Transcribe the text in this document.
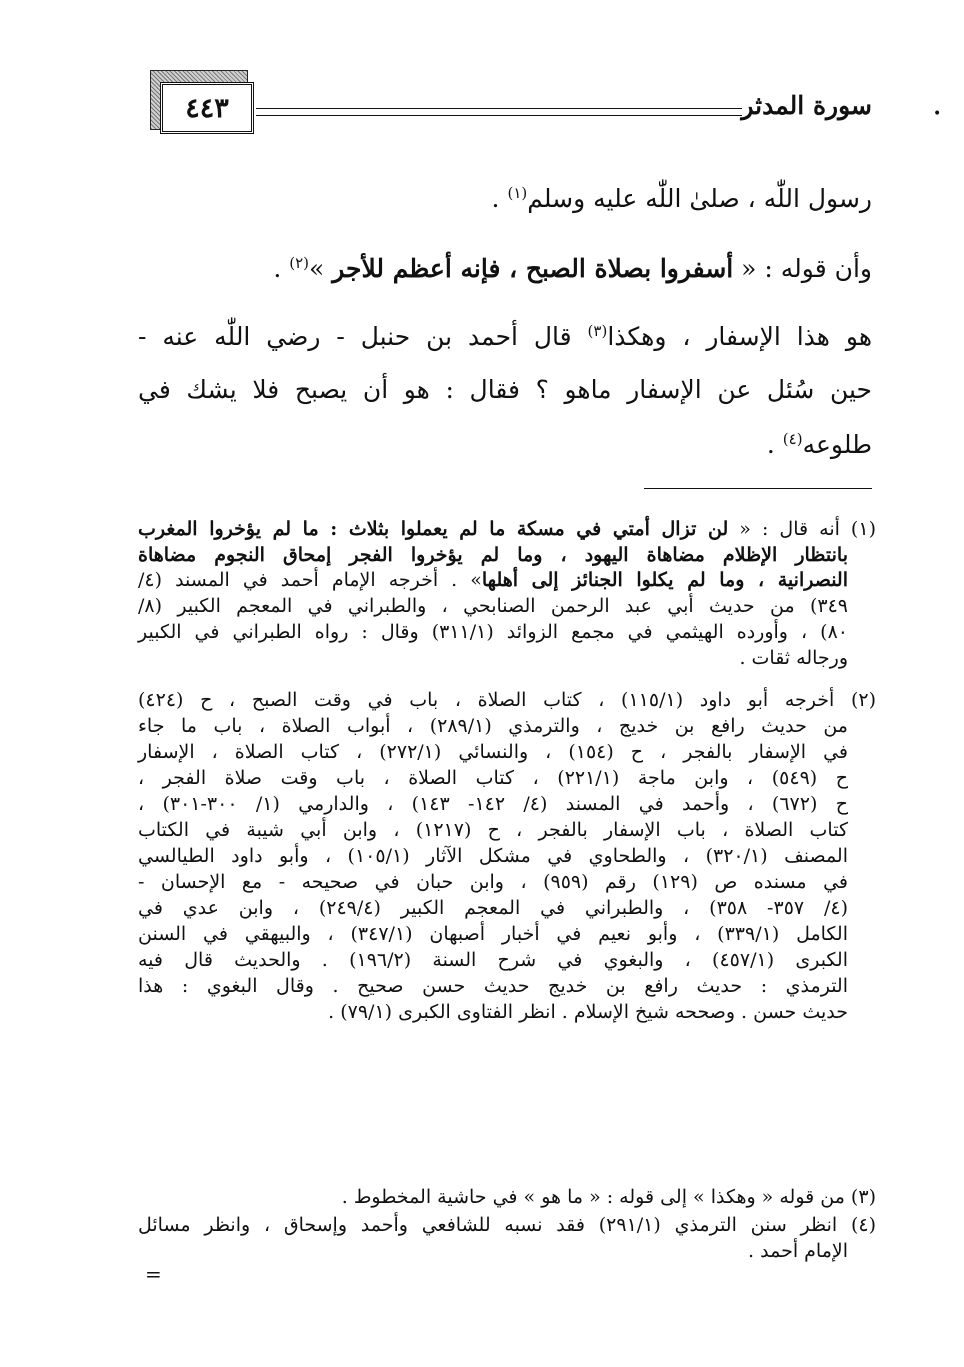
٤٤٣	سورة المدثر	•
رسول اللّٰه ، صلىٰ اللّٰه عليه وسلم$^{(١)}$ .
وأن قوله : « أسفروا بصلاة الصبح ، فإنه أعظم للأجر »$^{(٢)}$ .
هو هذا الإسفار ، وهكذا$^{(٣)}$ قال أحمد بن حنبل - رضي اللّٰه عنه -
حين سُئل عن الإسفار ماهو ؟ فقال : هو أن يصبح فلا يشك في
طلوعه$^{(٤)}$ .
(١) أنه قال : « لن تزال أمتي في مسكة ما لم يعملوا بثلاث : ما لم يؤخروا المغرب
بانتظار الإظلام مضاهاة اليهود ، وما لم يؤخروا الفجر إمحاق النجوم مضاهاة
النصرانية ، وما لم يكلوا الجنائز إلى أهلها» . أخرجه الإمام أحمد في المسند (٤/
٣٤٩) من حديث أبي عبد الرحمن الصنابحي ، والطبراني في المعجم الكبير (٨/
٨٠) ، وأورده الهيثمي في مجمع الزوائد (٣١١/١) وقال : رواه الطبراني في الكبير
ورجاله ثقات .
(٢) أخرجه أبو داود (١١٥/١) ، كتاب الصلاة ، باب في وقت الصبح ، ح (٤٢٤)
من حديث رافع بن خديج ، والترمذي (٢٨٩/١) ، أبواب الصلاة ، باب ما جاء
في الإسفار بالفجر ، ح (١٥٤) ، والنسائي (٢٧٢/١) ، كتاب الصلاة ، الإسفار
ح (٥٤٩) ، وابن ماجة (٢٢١/١) ، كتاب الصلاة ، باب وقت صلاة الفجر ،
ح (٦٧٢) ، وأحمد في المسند (٤/ ١٤٢- ١٤٣) ، والدارمي (١/ ٣٠٠-٣٠١) ،
كتاب الصلاة ، باب الإسفار بالفجر ، ح (١٢١٧) ، وابن أبي شيبة في الكتاب
المصنف (٣٢٠/١) ، والطحاوي في مشكل الآثار (١٠٥/١) ، وأبو داود الطيالسي
في مسنده ص (١٢٩) رقم (٩٥٩) ، وابن حبان في صحيحه - مع الإحسان -
(٤/ ٣٥٧- ٣٥٨) ، والطبراني في المعجم الكبير (٢٤٩/٤) ، وابن عدي في
الكامل (٣٣٩/١) ، وأبو نعيم في أخبار أصبهان (٣٤٧/١) ، والبيهقي في السنن
الكبرى (٤٥٧/١) ، والبغوي في شرح السنة (١٩٦/٢) . والحديث قال فيه
الترمذي : حديث رافع بن خديج حديث حسن صحيح . وقال البغوي : هذا
حديث حسن . وصححه شيخ الإسلام . انظر الفتاوى الكبرى (٧٩/١) .
(٣) من قوله « وهكذا » إلى قوله : « ما هو » في حاشية المخطوط .
(٤) انظر سنن الترمذي (٢٩١/١) فقد نسبه للشافعي وأحمد وإسحاق ، وانظر مسائل
الإمام أحمد .
=
